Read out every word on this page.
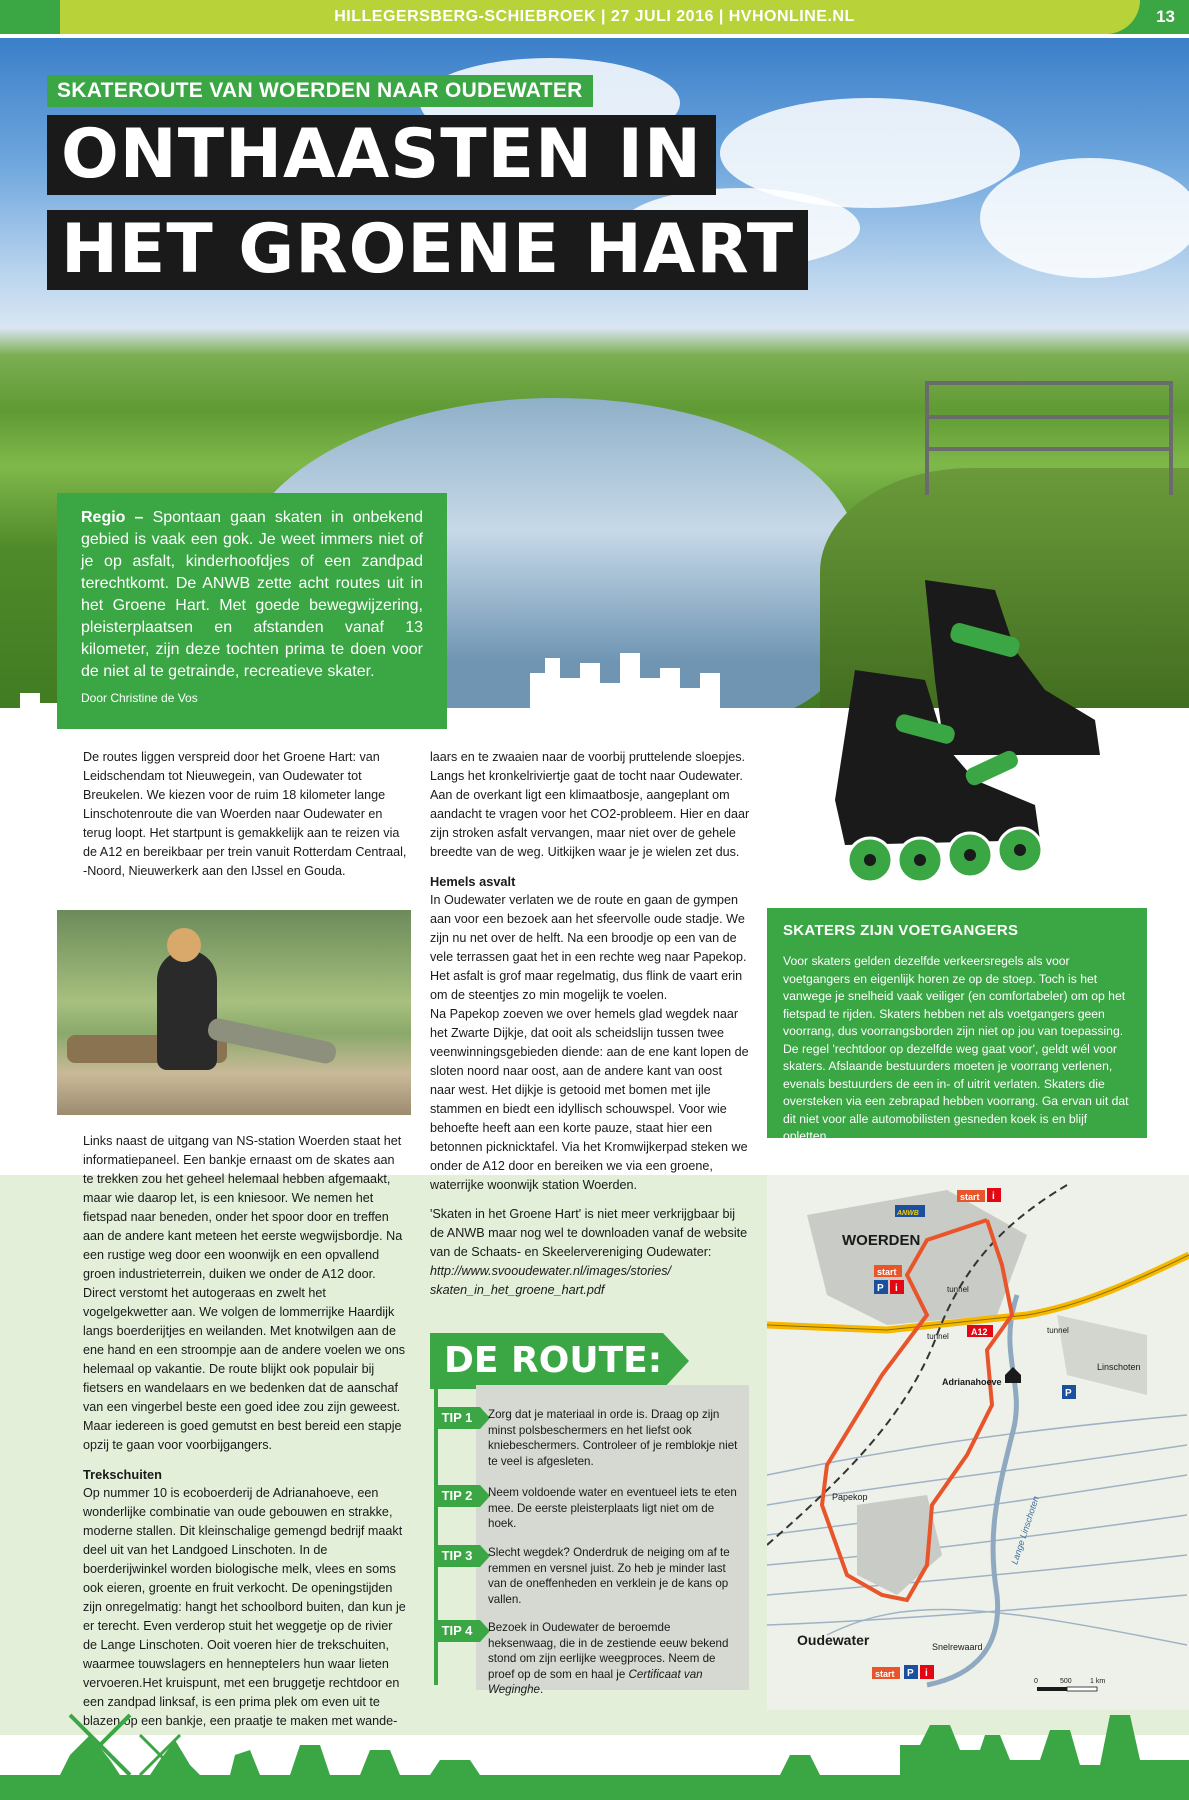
HILLEGERSBERG-SCHIEBROEK | 27 JULI 2016 | HVHONLINE.NL	13
SKATEROUTE VAN WOERDEN NAAR OUDEWATER
ONTHAASTEN IN
HET GROENE HART
Regio – Spontaan gaan skaten in onbekend gebied is vaak een gok. Je weet immers niet of je op asfalt, kinderhoofdjes of een zandpad terechtkomt. De ANWB zette acht routes uit in het Groene Hart. Met goede bewegwijzering, pleisterplaatsen en afstanden vanaf 13 kilometer, zijn deze tochten prima te doen voor de niet al te getrainde, recreatieve skater.
Door Christine de Vos

De routes liggen verspreid door het Groene Hart: van Leidschendam tot Nieuwegein, van Oudewater tot Breukelen. We kiezen voor de ruim 18 kilometer lange Linschotenroute die van Woerden naar Oudewater en terug loopt. Het startpunt is gemakkelijk aan te reizen via de A12 en bereikbaar per trein vanuit Rotterdam Centraal, -Noord, Nieuwerkerk aan den IJssel en Gouda.

Links naast de uitgang van NS-station Woerden staat het informatiepaneel. Een bankje ernaast om de skates aan te trekken zou het geheel helemaal hebben afgemaakt, maar wie daarop let, is een kniesoor. We nemen het fietspad naar beneden, onder het spoor door en treffen aan de andere kant meteen het eerste wegwijsbordje. Na een rustige weg door een woonwijk en een opvallend groen industrieterrein, duiken we onder de A12 door. Direct verstomt het autogeraas en zwelt het vogelgekwetter aan. We volgen de lommerrijke Haardijk langs boerderijtjes en weilanden. Met knotwilgen aan de ene hand en een stroompje aan de andere voelen we ons helemaal op vakantie. De route blijkt ook populair bij fietsers en wandelaars en we bedenken dat de aanschaf van een vingerbel beste een goed idee zou zijn geweest. Maar iedereen is goed gemutst en best bereid een stapje opzij te gaan voor voorbijgangers.

Trekschuiten

Op nummer 10 is ecoboerderij de Adrianahoeve, een wonderlijke combinatie van oude gebouwen en strakke, moderne stallen. Dit kleinschalige gemengd bedrijf maakt deel uit van het Landgoed Linschoten. In de boerderijwinkel worden biologische melk, vlees en soms ook eieren, groente en fruit verkocht. De openingstijden zijn onregelmatig: hangt het schoolbord buiten, dan kun je er terecht. Even verderop stuit het weggetje op de rivier de Lange Linschoten. Ooit voeren hier de trekschuiten, waarmee touwslagers en hennepteIers hun waar lieten vervoeren.Het kruispunt, met een bruggetje rechtdoor en een zandpad linksaf, is een prima plek om even uit te blazen op een bankje, een praatje te maken met wande-

laars en te zwaaien naar de voorbij pruttelende sloepjes. Langs het kronkelriviertje gaat de tocht naar Oudewater. Aan de overkant ligt een klimaatbosje, aangeplant om aandacht te vragen voor het CO2-probleem. Hier en daar zijn stroken asfalt vervangen, maar niet over de gehele breedte van de weg. Uitkijken waar je je wielen zet dus.

Hemels asvalt

In Oudewater verlaten we de route en gaan de gympen aan voor een bezoek aan het sfeervolle oude stadje. We zijn nu net over de helft. Na een broodje op een van de vele terrassen gaat het in een rechte weg naar Papekop. Het asfalt is grof maar regelmatig, dus flink de vaart erin om de steentjes zo min mogelijk te voelen.

Na Papekop zoeven we over hemels glad wegdek naar het Zwarte Dijkje, dat ooit als scheidslijn tussen twee veenwinningsgebieden diende: aan de ene kant lopen de sloten noord naar oost, aan de andere kant van oost naar west. Het dijkje is getooid met bomen met ijle stammen en biedt een idyllisch schouwspel. Voor wie behoefte heeft aan een korte pauze, staat hier een betonnen picknicktafel. Via het Kromwijkerpad steken we onder de A12 door en bereiken we via een groene, waterrijke woonwijk station Woerden.

'Skaten in het Groene Hart' is niet meer verkrijgbaar bij de ANWB maar nog wel te downloaden vanaf de website van de Schaats- en Skeelervereniging Oudewater:

http://www.svooudewater.nl/images/stories/ skaten_in_het_groene_hart.pdf

SKATERS ZIJN VOETGANGERS

Voor skaters gelden dezelfde verkeersregels als voor voetgangers en eigenlijk horen ze op de stoep. Toch is het vanwege je snelheid vaak veiliger (en comfortabeler) om op het fietspad te rijden. Skaters hebben net als voetgangers geen voorrang, dus voorrangsborden zijn niet op jou van toepassing. De regel 'rechtdoor op dezelfde weg gaat voor', geldt wél voor skaters. Afslaande bestuurders moeten je voorrang verlenen, evenals bestuurders de een in- of uitrit verlaten. Skaters die oversteken via een zebrapad hebben voorrang. Ga ervan uit dat dit niet voor alle automobilisten gesneden koek is en blijf opletten.

DE ROUTE:
TIP 1	Zorg dat je materiaal in orde is. Draag op zijn minst polsbeschermers en het liefst ook kniebeschermers. Controleer of je remblokje niet te veel is afgesleten.
TIP 2	Neem voldoende water en eventueel iets te eten mee. De eerste pleisterplaats ligt niet om de hoek.
TIP 3	Slecht wegdek? Onderdruk de neiging om af te remmen en versnel juist. Zo heb je minder last van de oneffenheden en verklein je de kans op vallen.
TIP 4	Bezoek in Oudewater de beroemde heksenwaag, die in de zestiende eeuw bekend stond om zijn eerlijke weegproces. Neem de proef op de som en haal je Certificaat van Weginghe.
WOERDEN
Oudewater
Papekop
Adrianahoeve
Linschoten
Snelrewaard
Lange Linschoten
A12
tunnel
tunnel
tunnel
start i
start
P i
start P i
P
ANWB
0	500	1 km
